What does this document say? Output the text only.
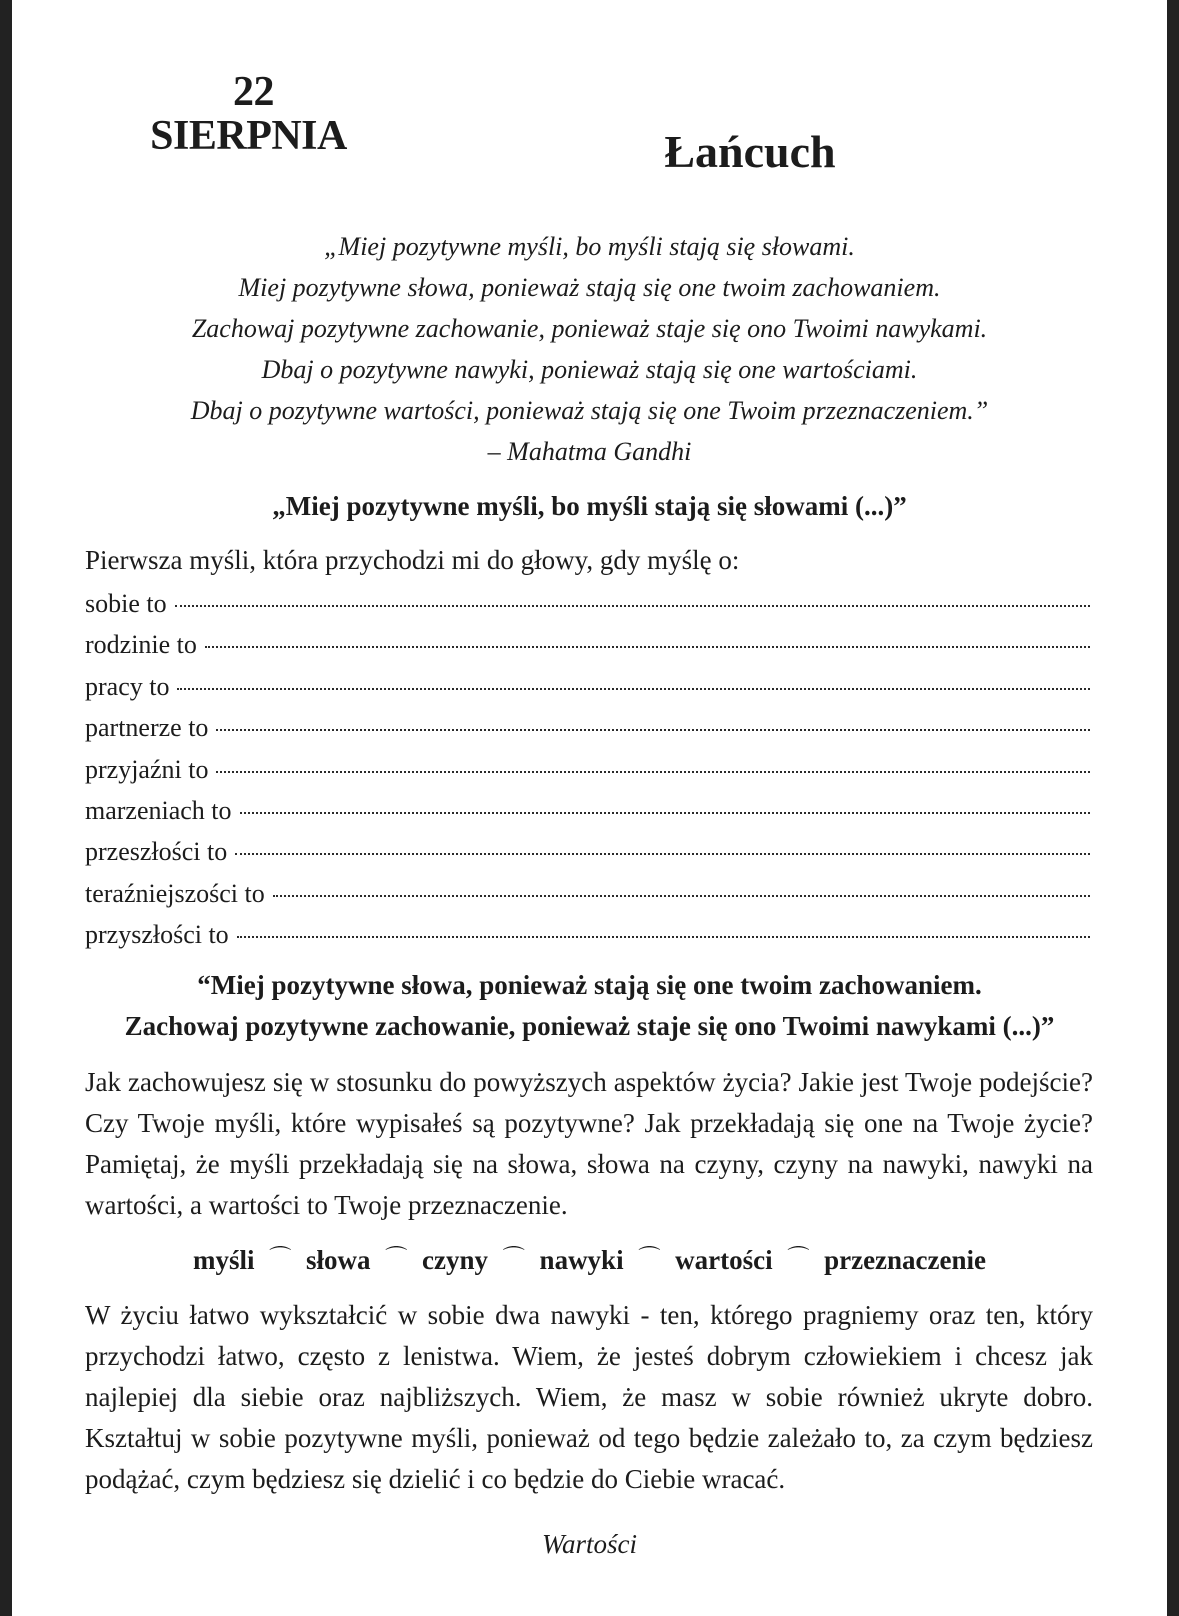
22
SIERPNIA	Łańcuch
„Miej pozytywne myśli, bo myśli stają się słowami.
Miej pozytywne słowa, ponieważ stają się one twoim zachowaniem.
Zachowaj pozytywne zachowanie, ponieważ staje się ono Twoimi nawykami.
Dbaj o pozytywne nawyki, ponieważ stają się one wartościami.
Dbaj o pozytywne wartości, ponieważ stają się one Twoim przeznaczeniem.”
– Mahatma Gandhi
„Miej pozytywne myśli, bo myśli stają się słowami (...)”
Pierwsza myśli, która przychodzi mi do głowy, gdy myślę o:
sobie to
rodzinie to
pracy to
partnerze to
przyjaźni to
marzeniach to
przeszłości to
teraźniejszości to
przyszłości to
“Miej pozytywne słowa, ponieważ stają się one twoim zachowaniem.
Zachowaj pozytywne zachowanie, ponieważ staje się ono Twoimi nawykami (...)”
Jak zachowujesz się w stosunku do powyższych aspektów życia? Jakie jest Twoje podejście? Czy Twoje myśli, które wypisałeś są pozytywne? Jak przekładają się one na Twoje życie? Pamiętaj, że myśli przekładają się na słowa, słowa na czyny, czyny na nawyki, nawyki na wartości, a wartości to Twoje przeznaczenie.
myśli ⌒ słowa ⌒ czyny ⌒ nawyki ⌒ wartości ⌒ przeznaczenie
W życiu łatwo wykształcić w sobie dwa nawyki - ten, którego pragniemy oraz ten, który przychodzi łatwo, często z lenistwa. Wiem, że jesteś dobrym człowiekiem i chcesz jak najlepiej dla siebie oraz najbliższych. Wiem, że masz w sobie również ukryte dobro. Kształtuj w sobie pozytywne myśli, ponieważ od tego będzie zależało to, za czym będziesz podążać, czym będziesz się dzielić i co będzie do Ciebie wracać.
Wartości
